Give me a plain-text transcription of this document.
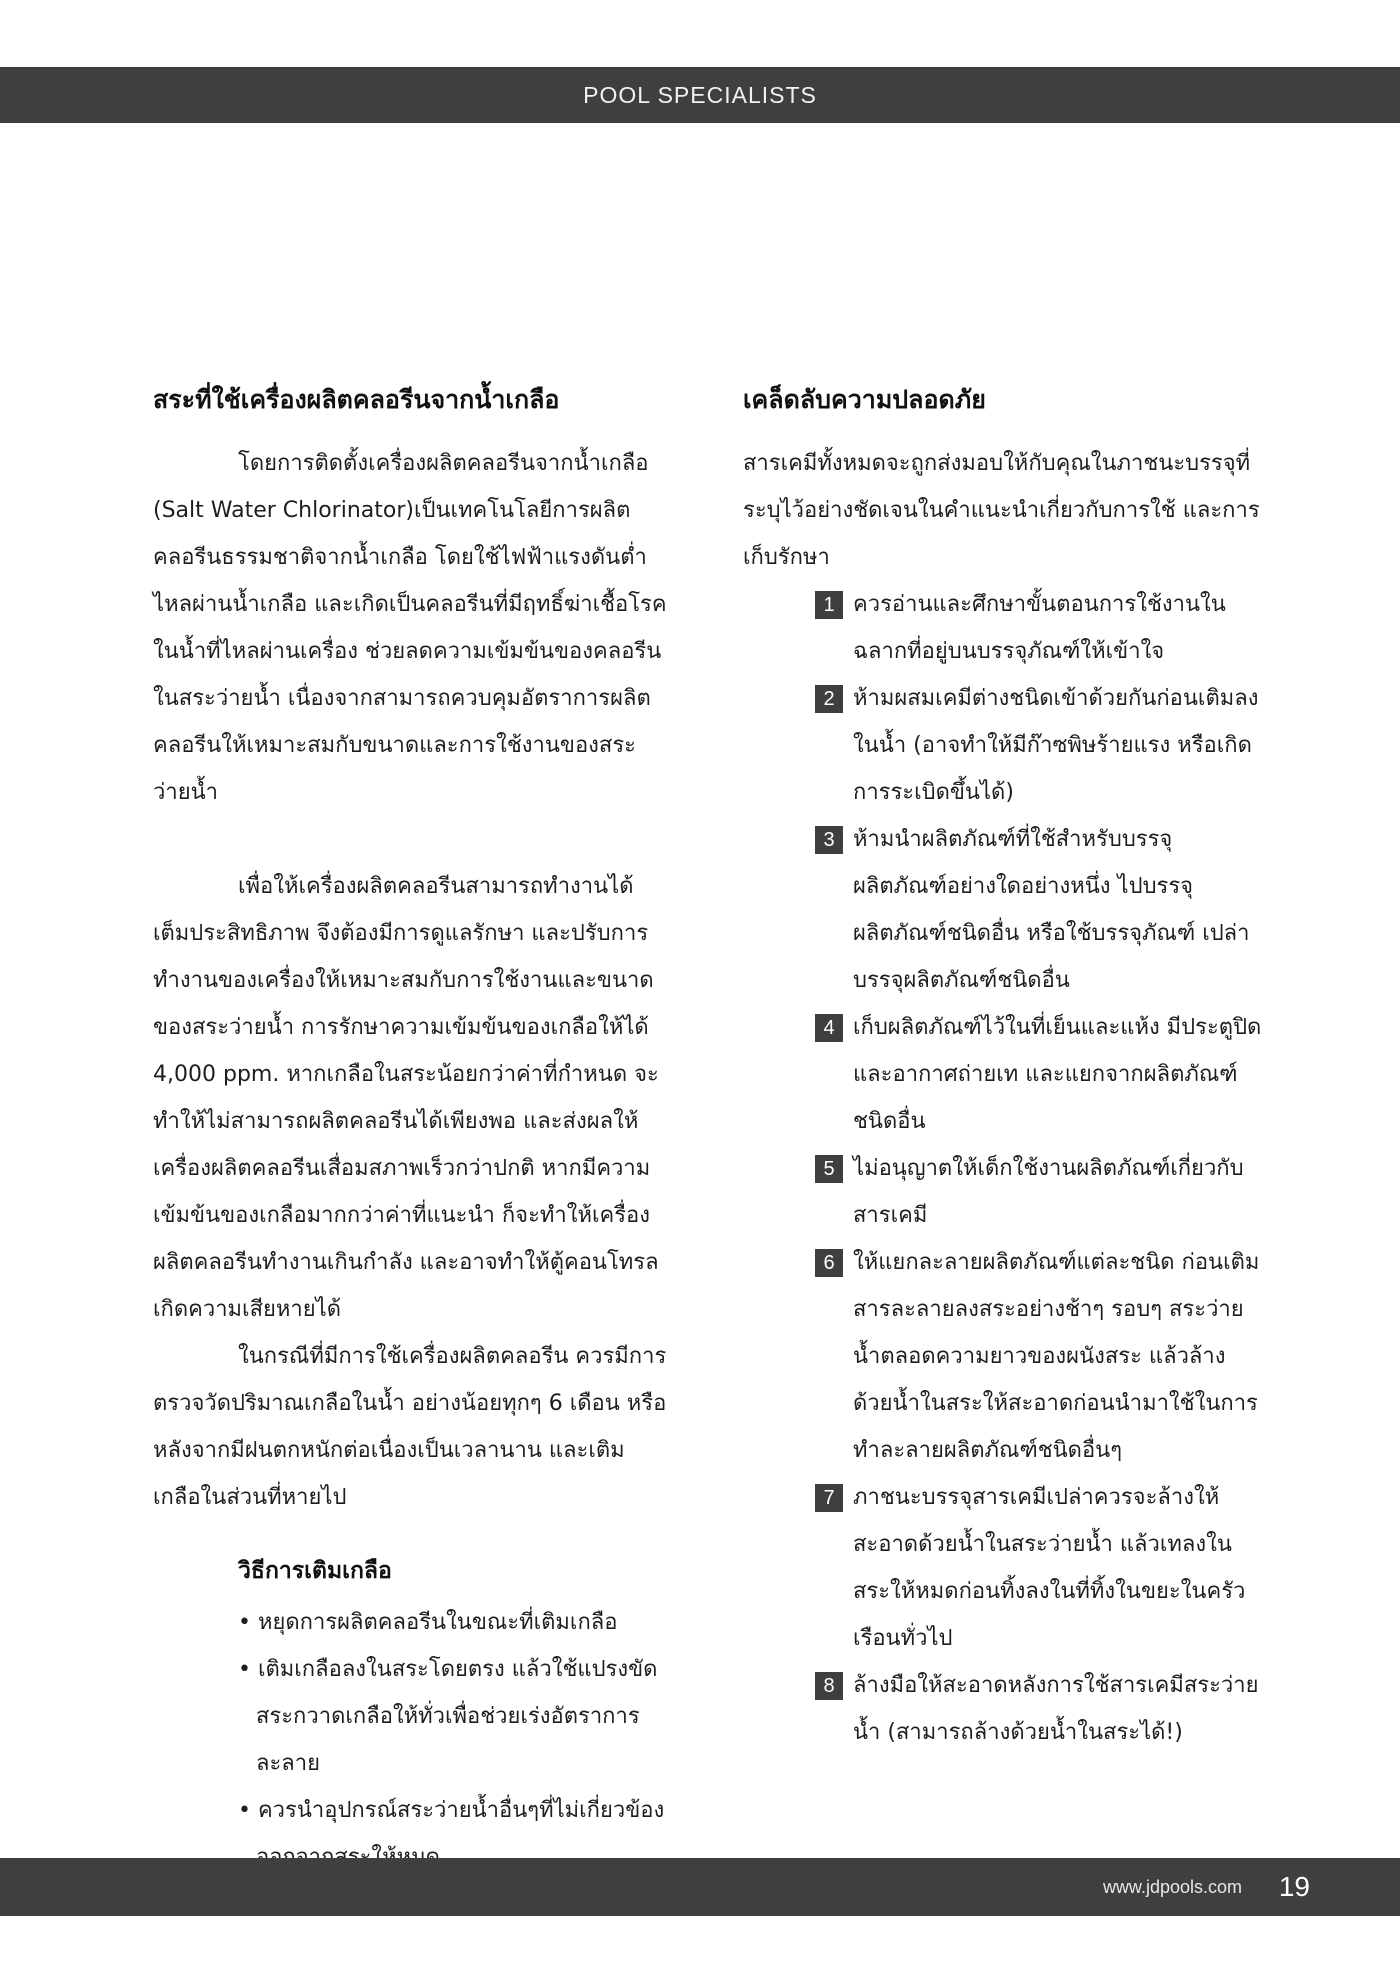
POOL SPECIALISTS
สระที่ใช้เครื่องผลิตคลอรีนจากน้ำเกลือ

โดยการติดตั้งเครื่องผลิตคลอรีนจากน้ำเกลือ (Salt Water Chlorinator)เป็นเทคโนโลยีการผลิตคลอรีนธรรมชาติจากน้ำเกลือ โดยใช้ไฟฟ้าแรงดันต่ำไหลผ่านน้ำเกลือ และเกิดเป็นคลอรีนที่มีฤทธิ์ฆ่าเชื้อโรคในน้ำที่ไหลผ่านเครื่อง ช่วยลดความเข้มข้นของคลอรีนในสระว่ายน้ำ เนื่องจากสามารถควบคุมอัตราการผลิตคลอรีนให้เหมาะสมกับขนาดและการใช้งานของสระว่ายน้ำ

เพื่อให้เครื่องผลิตคลอรีนสามารถทำงานได้เต็มประสิทธิภาพ จึงต้องมีการดูแลรักษา และปรับการทำงานของเครื่องให้เหมาะสมกับการใช้งานและขนาดของสระว่ายน้ำ การรักษาความเข้มข้นของเกลือให้ได้ 4,000 ppm. หากเกลือในสระน้อยกว่าค่าที่กำหนด จะทำให้ไม่สามารถผลิตคลอรีนได้เพียงพอ และส่งผลให้เครื่องผลิตคลอรีนเสื่อมสภาพเร็วกว่าปกติ หากมีความเข้มข้นของเกลือมากกว่าค่าที่แนะนำ ก็จะทำให้เครื่องผลิตคลอรีนทำงานเกินกำลัง และอาจทำให้ตู้คอนโทรลเกิดความเสียหายได้

ในกรณีที่มีการใช้เครื่องผลิตคลอรีน ควรมีการตรวจวัดปริมาณเกลือในน้ำ อย่างน้อยทุกๆ 6 เดือน หรือหลังจากมีฝนตกหนักต่อเนื่องเป็นเวลานาน และเติมเกลือในส่วนที่หายไป

วิธีการเติมเกลือ
• หยุดการผลิตคลอรีนในขณะที่เติมเกลือ
• เติมเกลือลงในสระโดยตรง แล้วใช้แปรงขัดสระกวาดเกลือให้ทั่วเพื่อช่วยเร่งอัตราการละลาย
• ควรนำอุปกรณ์สระว่ายน้ำอื่นๆที่ไม่เกี่ยวข้อง
เคล็ดลับความปลอดภัย

สารเคมีทั้งหมดจะถูกส่งมอบให้กับคุณในภาชนะบรรจุที่ระบุไว้อย่างชัดเจนในคำแนะนำเกี่ยวกับการใช้ และการเก็บรักษา

1 ควรอ่านและศึกษาขั้นตอนการใช้งานในฉลากที่อยู่บนบรรจุภัณฑ์ให้เข้าใจ
2 ห้ามผสมเคมีต่างชนิดเข้าด้วยกันก่อนเติมลงในน้ำ (อาจทำให้มีก๊าซพิษร้ายแรง หรือเกิดการระเบิดขึ้นได้)
3 ห้ามนำผลิตภัณฑ์ที่ใช้สำหรับบรรจุผลิตภัณฑ์อย่างใดอย่างหนึ่ง ไปบรรจุผลิตภัณฑ์ชนิดอื่น หรือใช้บรรจุภัณฑ์ เปล่าบรรจุผลิตภัณฑ์ชนิดอื่น
4 เก็บผลิตภัณฑ์ไว้ในที่เย็นและแห้ง มีประตูปิดและอากาศถ่ายเท และแยกจากผลิตภัณฑ์ชนิดอื่น
5 ไม่อนุญาตให้เด็กใช้งานผลิตภัณฑ์เกี่ยวกับสารเคมี
6 ให้แยกละลายผลิตภัณฑ์แต่ละชนิด ก่อนเติมสารละลายลงสระอย่างช้าๆ รอบๆ สระว่ายน้ำตลอดความยาวของผนังสระ แล้วล้างด้วยน้ำในสระให้สะอาดก่อนนำมาใช้ในการทำละลายผลิตภัณฑ์ชนิดอื่นๆ
7 ภาชนะบรรจุสารเคมีเปล่าควรจะล้างให้สะอาดด้วยน้ำในสระว่ายน้ำ แล้วเทลงในสระให้หมดก่อนทิ้งลงในที่ทิ้งในขยะในครัวเรือนทั่วไป
8 ล้างมือให้สะอาดหลังการใช้สารเคมีสระว่ายน้ำ (สามารถล้างด้วยน้ำในสระได้!)
www.jdpools.com 19
